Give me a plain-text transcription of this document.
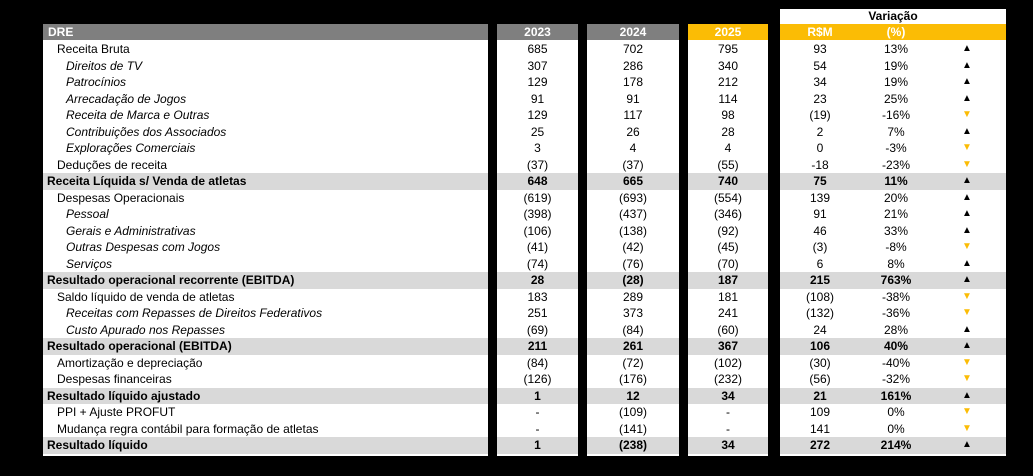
Variação
DRE	2023	2024	2025	R$M	(%)
Receita Bruta	685	702	795	93	13%	▲
Direitos de TV	307	286	340	54	19%	▲
Patrocínios	129	178	212	34	19%	▲
Arrecadação de Jogos	91	91	114	23	25%	▲
Receita de Marca e Outras	129	117	98	(19)	-16%	▼
Contribuições dos Associados	25	26	28	2	7%	▲
Explorações Comerciais	3	4	4	0	-3%	▼
Deduções de receita	(37)	(37)	(55)	-18	-23%	▼
Receita Líquida s/ Venda de atletas	648	665	740	75	11%	▲
Despesas Operacionais	(619)	(693)	(554)	139	20%	▲
Pessoal	(398)	(437)	(346)	91	21%	▲
Gerais e Administrativas	(106)	(138)	(92)	46	33%	▲
Outras Despesas com Jogos	(41)	(42)	(45)	(3)	-8%	▼
Serviços	(74)	(76)	(70)	6	8%	▲
Resultado operacional recorrente (EBITDA)	28	(28)	187	215	763%	▲
Saldo líquido de venda de atletas	183	289	181	(108)	-38%	▼
Receitas com Repasses de Direitos Federativos	251	373	241	(132)	-36%	▼
Custo Apurado nos Repasses	(69)	(84)	(60)	24	28%	▲
Resultado operacional (EBITDA)	211	261	367	106	40%	▲
Amortização e depreciação	(84)	(72)	(102)	(30)	-40%	▼
Despesas financeiras	(126)	(176)	(232)	(56)	-32%	▼
Resultado líquido ajustado	1	12	34	21	161%	▲
PPI + Ajuste PROFUT	-	(109)	-	109	0%	▼
Mudança regra contábil para formação de atletas	-	(141)	-	141	0%	▼
Resultado líquido	1	(238)	34	272	214%	▲
